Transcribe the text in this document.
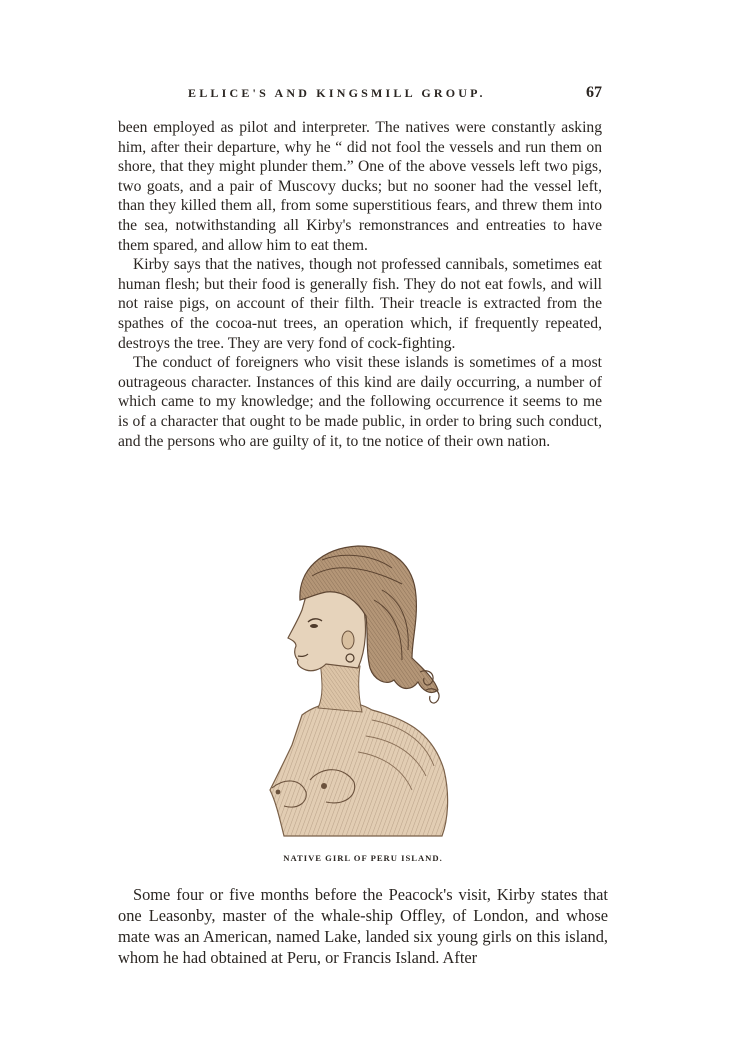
ELLICE'S AND KINGSMILL GROUP.	67

been employed as pilot and interpreter. The natives were constantly asking him, after their departure, why he “ did not fool the vessels and run them on shore, that they might plunder them.” One of the above vessels left two pigs, two goats, and a pair of Muscovy ducks; but no sooner had the vessel left, than they killed them all, from some superstitious fears, and threw them into the sea, notwithstanding all Kirby's remonstrances and entreaties to have them spared, and allow him to eat them.

Kirby says that the natives, though not professed cannibals, sometimes eat human flesh; but their food is generally fish. They do not eat fowls, and will not raise pigs, on account of their filth. Their treacle is extracted from the spathes of the cocoa-nut trees, an operation which, if frequently repeated, destroys the tree. They are very fond of cock-fighting.

The conduct of foreigners who visit these islands is sometimes of a most outrageous character. Instances of this kind are daily occurring, a number of which came to my knowledge; and the following occurrence it seems to me is of a character that ought to be made public, in order to bring such conduct, and the persons who are guilty of it, to tne notice of their own nation.

NATIVE GIRL OF PERU ISLAND.

Some four or five months before the Peacock's visit, Kirby states that one Leasonby, master of the whale-ship Offley, of London, and whose mate was an American, named Lake, landed six young girls on this island, whom he had obtained at Peru, or Francis Island. After
